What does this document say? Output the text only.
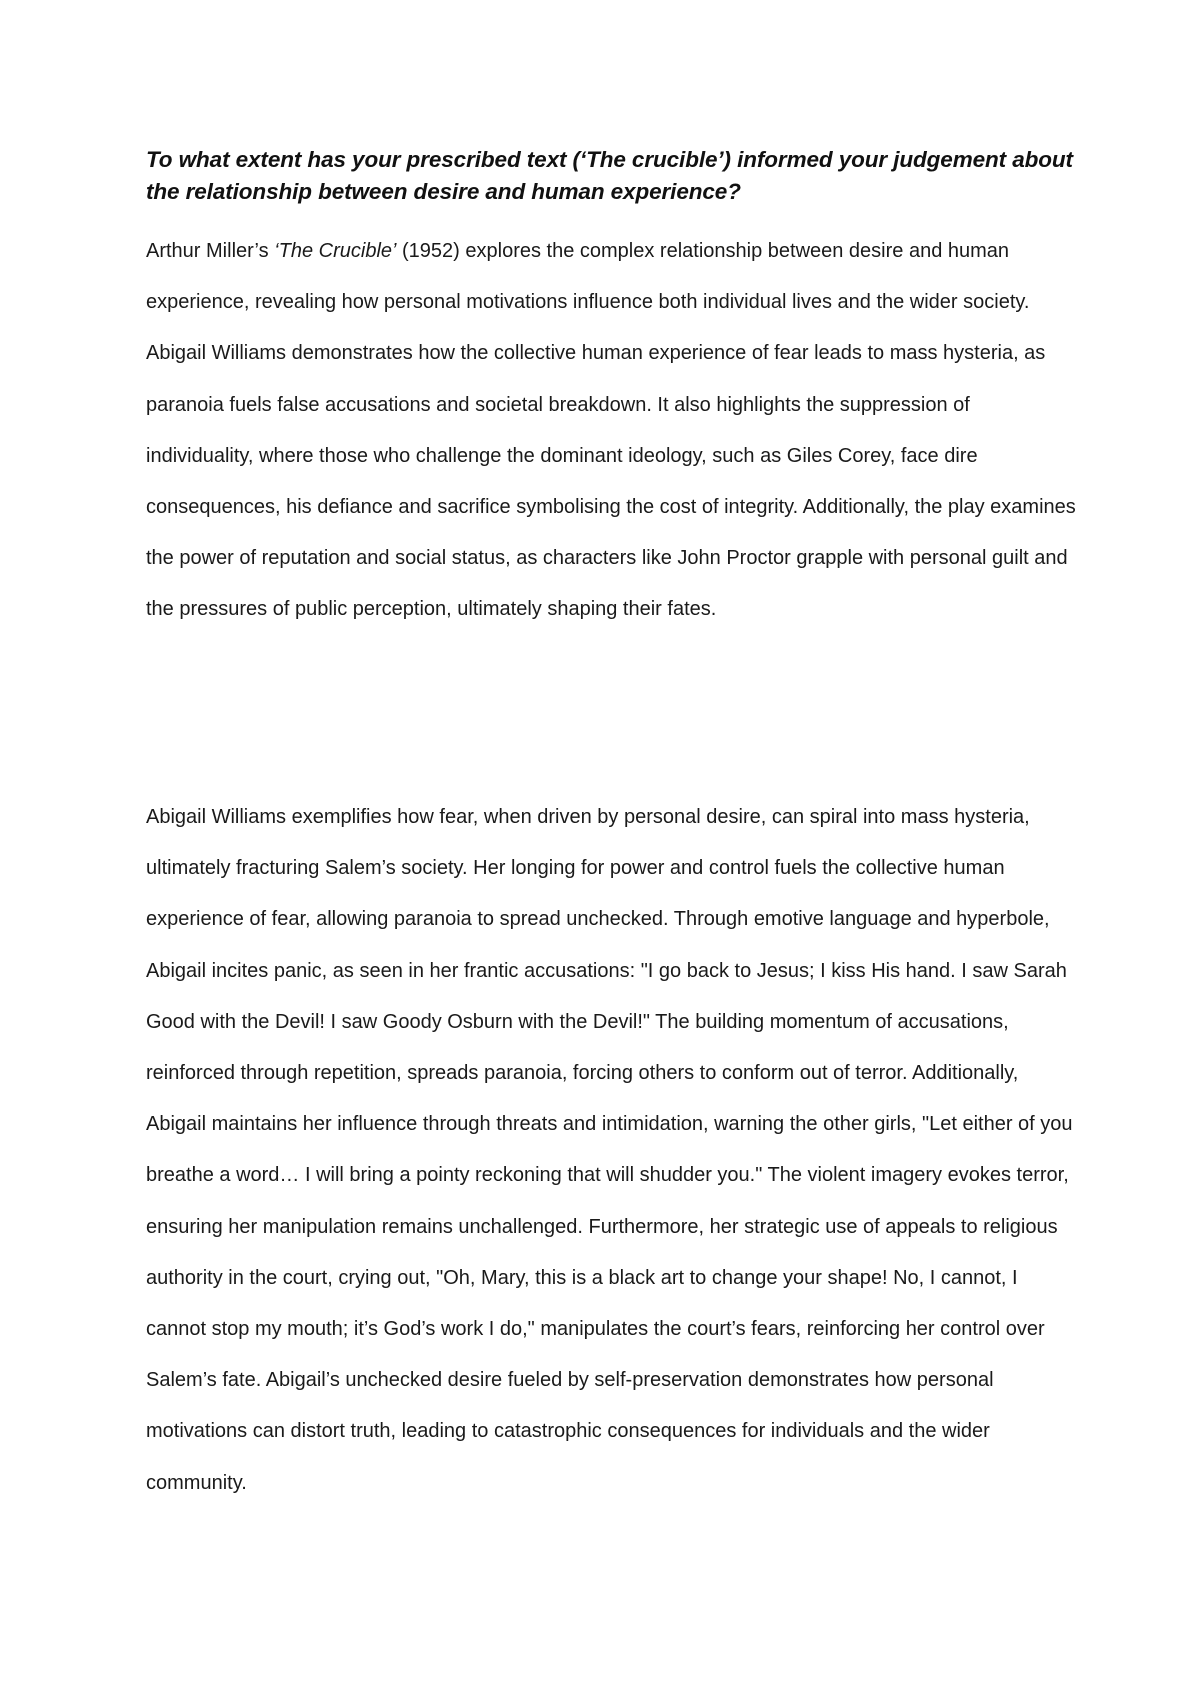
To what extent has your prescribed text (‘The crucible’) informed your judgement about the relationship between desire and human experience?

Arthur Miller’s ‘The Crucible’ (1952) explores the complex relationship between desire and human experience, revealing how personal motivations influence both individual lives and the wider society. Abigail Williams demonstrates how the collective human experience of fear leads to mass hysteria, as paranoia fuels false accusations and societal breakdown. It also highlights the suppression of individuality, where those who challenge the dominant ideology, such as Giles Corey, face dire consequences, his defiance and sacrifice symbolising the cost of integrity. Additionally, the play examines the power of reputation and social status, as characters like John Proctor grapple with personal guilt and the pressures of public perception, ultimately shaping their fates.

Abigail Williams exemplifies how fear, when driven by personal desire, can spiral into mass hysteria, ultimately fracturing Salem’s society. Her longing for power and control fuels the collective human experience of fear, allowing paranoia to spread unchecked. Through emotive language and hyperbole, Abigail incites panic, as seen in her frantic accusations: "I go back to Jesus; I kiss His hand. I saw Sarah Good with the Devil! I saw Goody Osburn with the Devil!" The building momentum of accusations, reinforced through repetition, spreads paranoia, forcing others to conform out of terror. Additionally, Abigail maintains her influence through threats and intimidation, warning the other girls, "Let either of you breathe a word… I will bring a pointy reckoning that will shudder you." The violent imagery evokes terror, ensuring her manipulation remains unchallenged. Furthermore, her strategic use of appeals to religious authority in the court, crying out, "Oh, Mary, this is a black art to change your shape! No, I cannot, I cannot stop my mouth; it’s God’s work I do," manipulates the court’s fears, reinforcing her control over Salem’s fate. Abigail’s unchecked desire fueled by self-preservation demonstrates how personal motivations can distort truth, leading to catastrophic consequences for individuals and the wider community.
